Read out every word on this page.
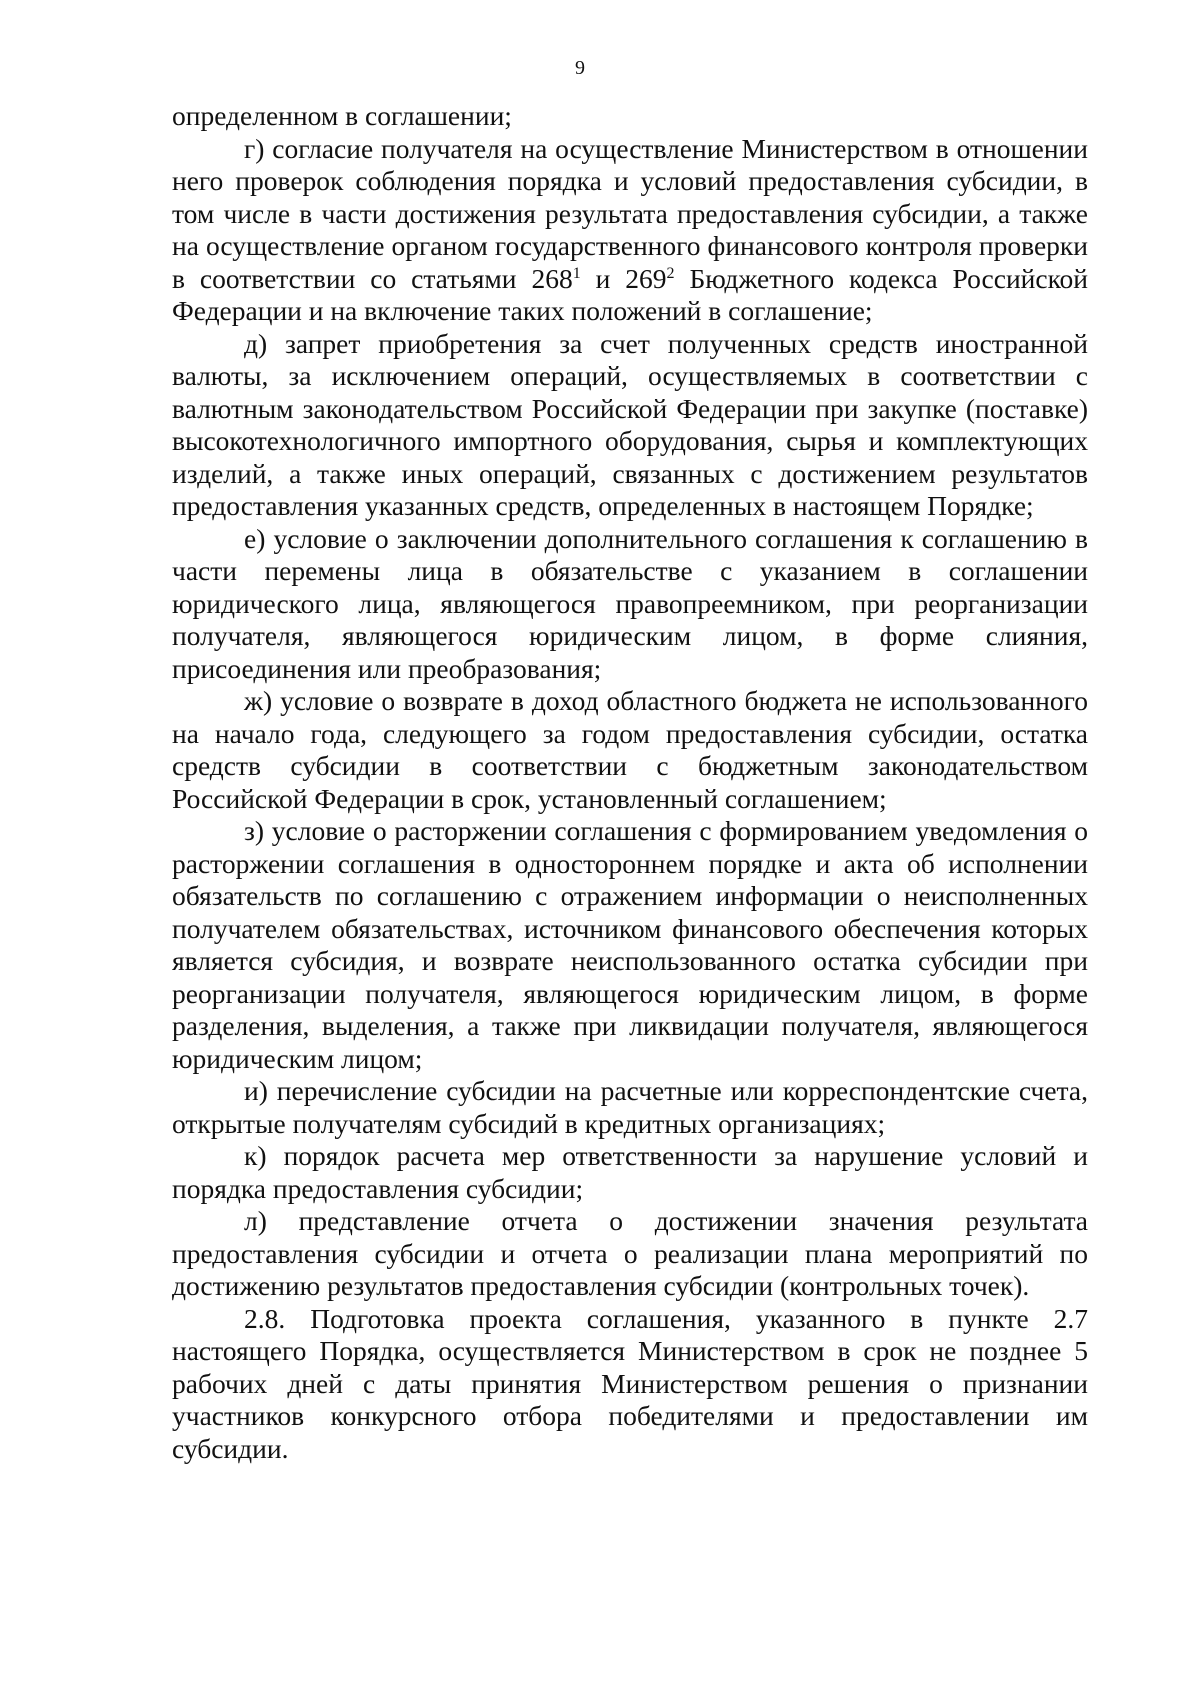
9

определенном в соглашении;

г) согласие получателя на осуществление Министерством в отношении него проверок соблюдения порядка и условий предоставления субсидии, в том числе в части достижения результата предоставления субсидии, а также на осуществление органом государственного финансового контроля проверки в соответствии со статьями $268^1$ и $269^2$ Бюджетного кодекса Российской Федерации и на включение таких положений в соглашение;

д) запрет приобретения за счет полученных средств иностранной валюты, за исключением операций, осуществляемых в соответствии с валютным законодательством Российской Федерации при закупке (поставке) высокотехнологичного импортного оборудования, сырья и комплектующих изделий, а также иных операций, связанных с достижением результатов предоставления указанных средств, определенных в настоящем Порядке;

е) условие о заключении дополнительного соглашения к соглашению в части перемены лица в обязательстве с указанием в соглашении юридического лица, являющегося правопреемником, при реорганизации получателя, являющегося юридическим лицом, в форме слияния, присоединения или преобразования;

ж) условие о возврате в доход областного бюджета не использованного на начало года, следующего за годом предоставления субсидии, остатка средств субсидии в соответствии с бюджетным законодательством Российской Федерации в срок, установленный соглашением;

з) условие о расторжении соглашения с формированием уведомления о расторжении соглашения в одностороннем порядке и акта об исполнении обязательств по соглашению с отражением информации о неисполненных получателем обязательствах, источником финансового обеспечения которых является субсидия, и возврате неиспользованного остатка субсидии при реорганизации получателя, являющегося юридическим лицом, в форме разделения, выделения, а также при ликвидации получателя, являющегося юридическим лицом;

и) перечисление субсидии на расчетные или корреспондентские счета, открытые получателям субсидий в кредитных организациях;

к) порядок расчета мер ответственности за нарушение условий и порядка предоставления субсидии;

л) представление отчета о достижении значения результата предоставления субсидии и отчета о реализации плана мероприятий по достижению результатов предоставления субсидии (контрольных точек).

2.8. Подготовка проекта соглашения, указанного в пункте 2.7 настоящего Порядка, осуществляется Министерством в срок не позднее 5 рабочих дней с даты принятия Министерством решения о признании участников конкурсного отбора победителями и предоставлении им субсидии.
